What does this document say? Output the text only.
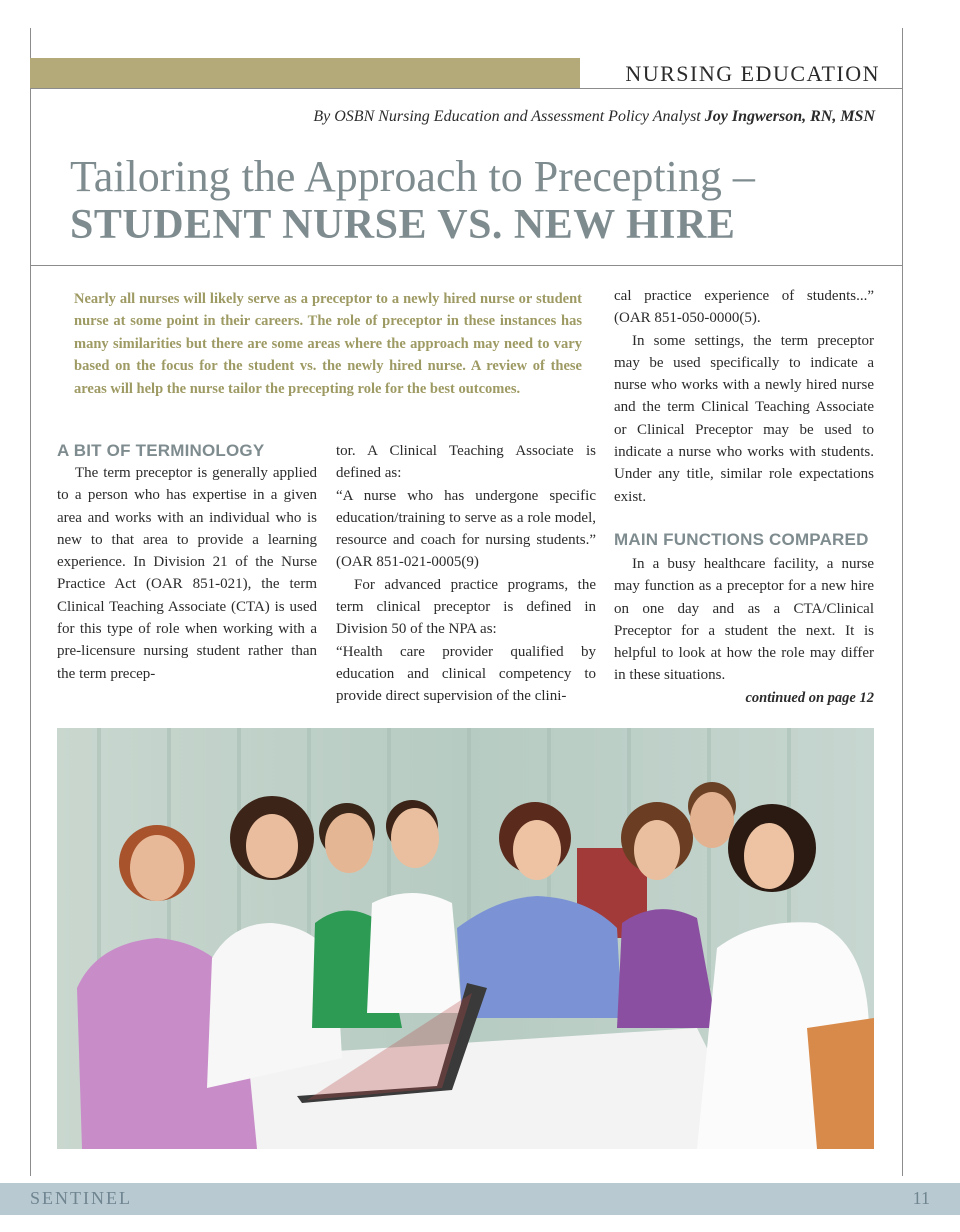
NURSING EDUCATION
By OSBN Nursing Education and Assessment Policy Analyst Joy Ingwerson, RN, MSN
Tailoring the Approach to Precepting –
STUDENT NURSE VS. NEW HIRE
Nearly all nurses will likely serve as a preceptor to a newly hired nurse or student nurse at some point in their careers. The role of preceptor in these instances has many similarities but there are some areas where the approach may need to vary based on the focus for the student vs. the newly hired nurse. A review of these areas will help the nurse tailor the precepting role for the best outcomes.
A BIT OF TERMINOLOGY

The term preceptor is generally applied to a person who has expertise in a given area and works with an individual who is new to that area to provide a learning experience. In Division 21 of the Nurse Practice Act (OAR 851-021), the term Clinical Teaching Associate (CTA) is used for this type of role when working with a pre-licensure nursing student rather than the term precep-

tor. A Clinical Teaching Associate is defined as:

“A nurse who has undergone specific education/training to serve as a role model, resource and coach for nursing students.” (OAR 851-021-0005(9)

For advanced practice programs, the term clinical preceptor is defined in Division 50 of the NPA as:

“Health care provider qualified by education and clinical competency to provide direct supervision of the clini-

cal practice experience of students...” (OAR 851-050-0000(5).

In some settings, the term preceptor may be used specifically to indicate a nurse who works with a newly hired nurse and the term Clinical Teaching Associate or Clinical Preceptor may be used to indicate a nurse who works with students. Under any title, similar role expectations exist.

MAIN FUNCTIONS COMPARED

In a busy healthcare facility, a nurse may function as a preceptor for a new hire on one day and as a CTA/Clinical Preceptor for a student the next. It is helpful to look at how the role may differ in these situations.

continued on page 12

SENTINEL	11
